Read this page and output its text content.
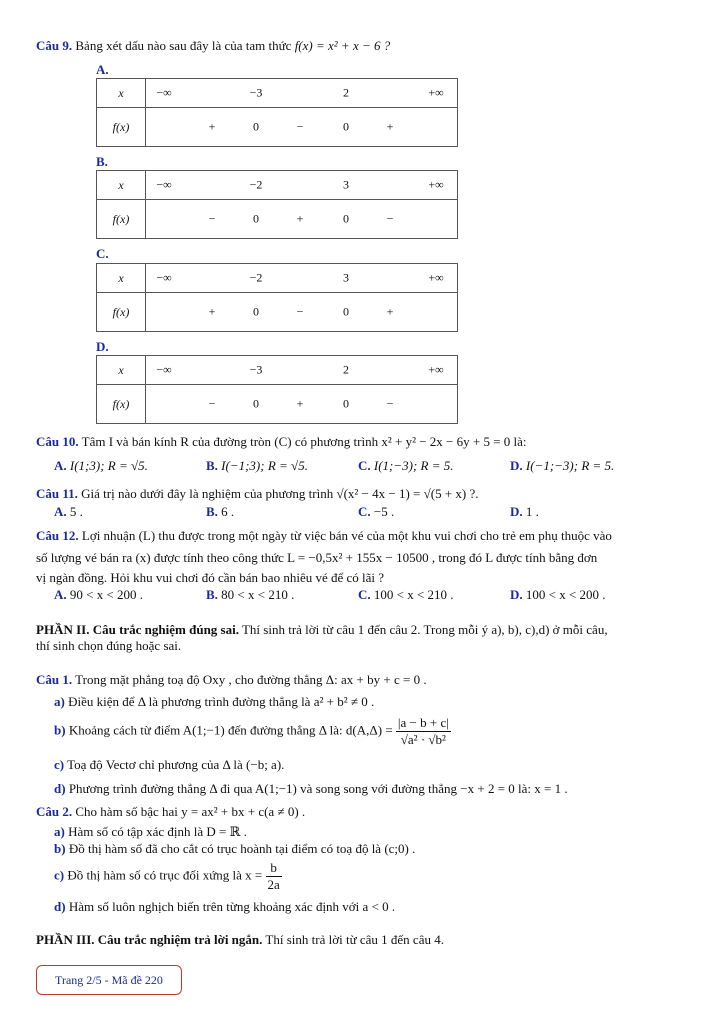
Câu 9. Bảng xét dấu nào sau đây là của tam thức f(x) = x² + x − 6 ?
A.
x	−∞ −3 2 +∞

f(x)	+ 0 − 0 +
B.
x	−∞ −2 3 +∞

f(x)	− 0 + 0 −
C.
x	−∞ −2 3 +∞

f(x)	+ 0 − 0 +
D.
x	−∞ −3 2 +∞

f(x)	− 0 + 0 −
Câu 10. Tâm I và bán kính R của đường tròn (C) có phương trình x² + y² − 2x − 6y + 5 = 0 là:
A. I(1;3); R = √5.	B. I(−1;3); R = √5.	C. I(1;−3); R = 5.	D. I(−1;−3); R = 5.
Câu 11. Giá trị nào dưới đây là nghiệm của phương trình √(x² − 4x − 1) = √(5 + x) ?.
A. 5 .	B. 6 .	C. −5 .	D. 1 .
Câu 12. Lợi nhuận (L) thu được trong một ngày từ việc bán vé của một khu vui chơi cho trẻ em phụ thuộc vào
số lượng vé bán ra (x) được tính theo công thức L = −0,5x² + 155x − 10500 , trong đó L được tính bằng đơn
vị ngàn đồng. Hỏi khu vui chơi đó cần bán bao nhiêu vé để có lãi ?
A. 90 < x < 200 .	B. 80 < x < 210 .	C. 100 < x < 210 .	D. 100 < x < 200 .
PHẦN II. Câu trắc nghiệm đúng sai. Thí sinh trả lời từ câu 1 đến câu 2. Trong mỗi ý a), b), c),d) ở mỗi câu,
thí sinh chọn đúng hoặc sai.
Câu 1. Trong mặt phẳng toạ độ Oxy , cho đường thẳng Δ: ax + by + c = 0 .
a) Điều kiện để Δ là phương trình đường thẳng là a² + b² ≠ 0 .
b) Khoảng cách từ điểm A(1;−1) đến đường thẳng Δ là: $d(A,\Delta) = \frac{|a - b + c|}{\text{√a² · √b²}}$
c) Toạ độ Vectơ chỉ phương của Δ là (−b; a).
d) Phương trình đường thẳng Δ đi qua A(1;−1) và song song với đường thẳng −x + 2 = 0 là: x = 1 .
Câu 2. Cho hàm số bậc hai y = ax² + bx + c(a ≠ 0) .
a) Hàm số có tập xác định là D = ℝ .
b) Đồ thị hàm số đã cho cắt có trục hoành tại điểm có toạ độ là (c;0) .
c) Đồ thị hàm số có trục đối xứng là $x = \frac{b}{2a}$
d) Hàm số luôn nghịch biến trên từng khoảng xác định với a < 0 .
PHẦN III. Câu trắc nghiệm trả lời ngắn. Thí sinh trả lời từ câu 1 đến câu 4.
Trang 2/5 - Mã đề 220
